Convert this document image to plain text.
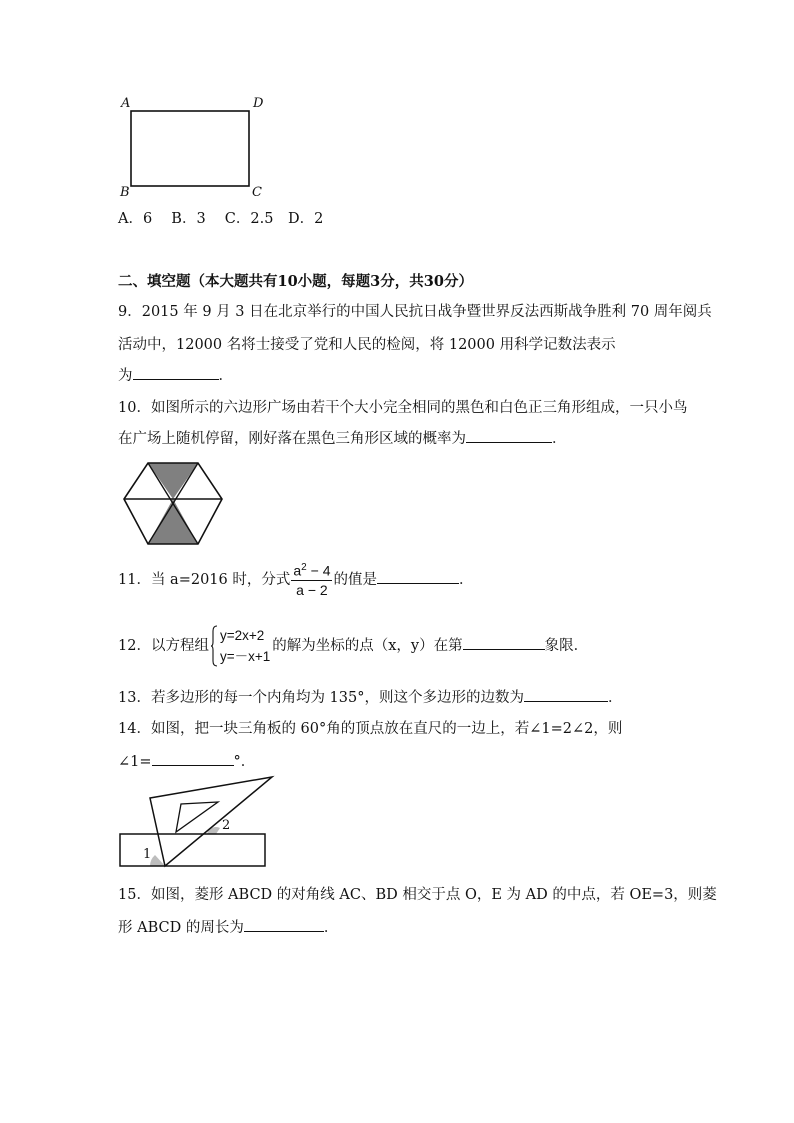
A	D
B	C
A．6　 B．3　 C．2.5　D．2
二、填空题（本大题共有10小题，每题3分，共30分）
9．2015 年 9 月 3 日在北京举行的中国人民抗日战争暨世界反法西斯战争胜利 70 周年阅兵
活动中，12000 名将士接受了党和人民的检阅，将 12000 用科学记数法表示
为	．
10．如图所示的六边形广场由若干个大小完全相同的黑色和白色正三角形组成，一只小鸟
在广场上随机停留，刚好落在黑色三角形区域的概率为	．
11．当 a=2016 时，分式 $\frac{a^2 - 4}{a - 2}$ 的值是	．
12．以方程组
y=2x+2
y=－x+1
的解为坐标的点（x，y）在第	象限．
13．若多边形的每一个内角均为 135°，则这个多边形的边数为	．
14．如图，把一块三角板的 60°角的顶点放在直尺的一边上，若∠1=2∠2，则
∠1=	°．
1
2
15．如图，菱形 ABCD 的对角线 AC、BD 相交于点 O，E 为 AD 的中点，若 OE=3，则菱
形 ABCD 的周长为	．
